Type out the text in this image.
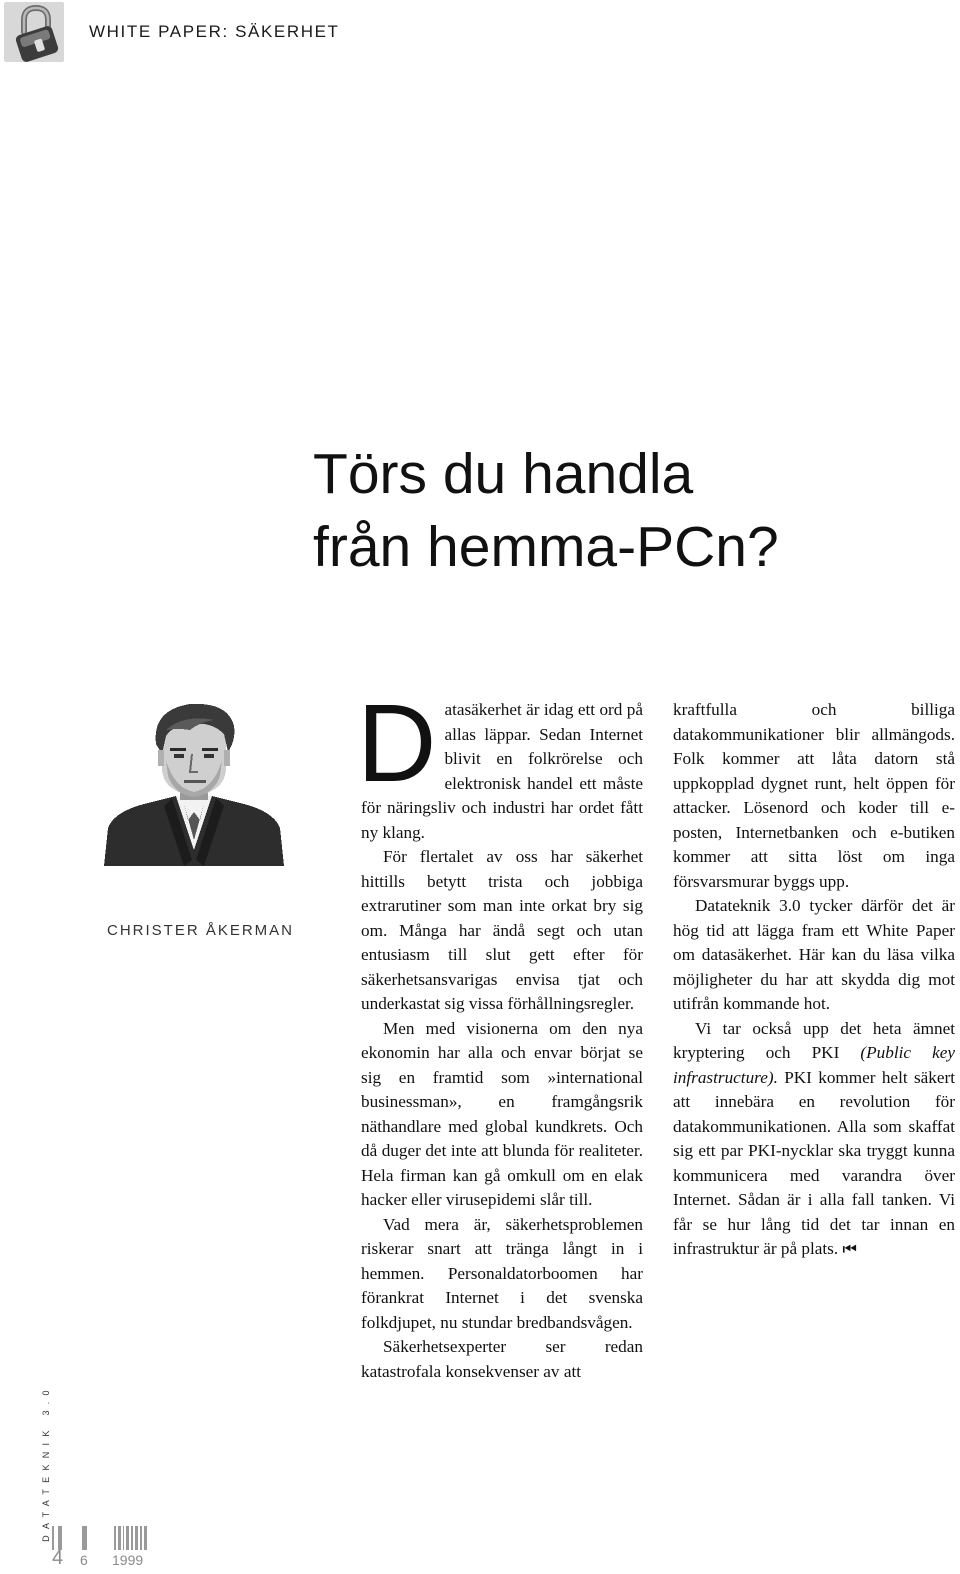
WHITE PAPER: SÄKERHET
Törs du handla
från hemma-PCn?
CHRISTER ÅKERMAN

Datasäkerhet är idag ett ord på allas läppar. Sedan Internet blivit en folkrörelse och elektronisk handel ett måste för näringsliv och industri har ordet fått ny klang.

För flertalet av oss har säkerhet hittills betytt trista och jobbiga extrarutiner som man inte orkat bry sig om. Många har ändå segt och utan entusiasm till slut gett efter för säkerhetsansvarigas envisa tjat och underkastat sig vissa förhållningsregler.

Men med visionerna om den nya ekonomin har alla och envar börjat se sig en framtid som »international businessman», en framgångsrik näthandlare med global kundkrets. Och då duger det inte att blunda för realiteter. Hela firman kan gå omkull om en elak hacker eller virusepidemi slår till.

Vad mera är, säkerhetsproblemen riskerar snart att tränga långt in i hemmen. Personaldatorboomen har förankrat Internet i det svenska folkdjupet, nu stundar bredbandsvågen.

Säkerhetsexperter ser redan katastrofala konsekvenser av att

kraftfulla och billiga datakommunikationer blir allmängods. Folk kommer att låta datorn stå uppkopplad dygnet runt, helt öppen för attacker. Lösenord och koder till e-posten, Internetbanken och e-butiken kommer att sitta löst om inga försvarsmurar byggs upp.

Datateknik 3.0 tycker därför det är hög tid att lägga fram ett White Paper om datasäkerhet. Här kan du läsa vilka möjligheter du har att skydda dig mot utifrån kommande hot.

Vi tar också upp det heta ämnet kryptering och PKI (Public key infrastructure). PKI kommer helt säkert att innebära en revolution för datakommunikationen. Alla som skaffat sig ett par PKI-nycklar ska tryggt kunna kommunicera med varandra över Internet. Sådan är i alla fall tanken. Vi får se hur lång tid det tar innan en infrastruktur är på plats. ⏮

DATATEKNIK 3.0
4 6 1999
